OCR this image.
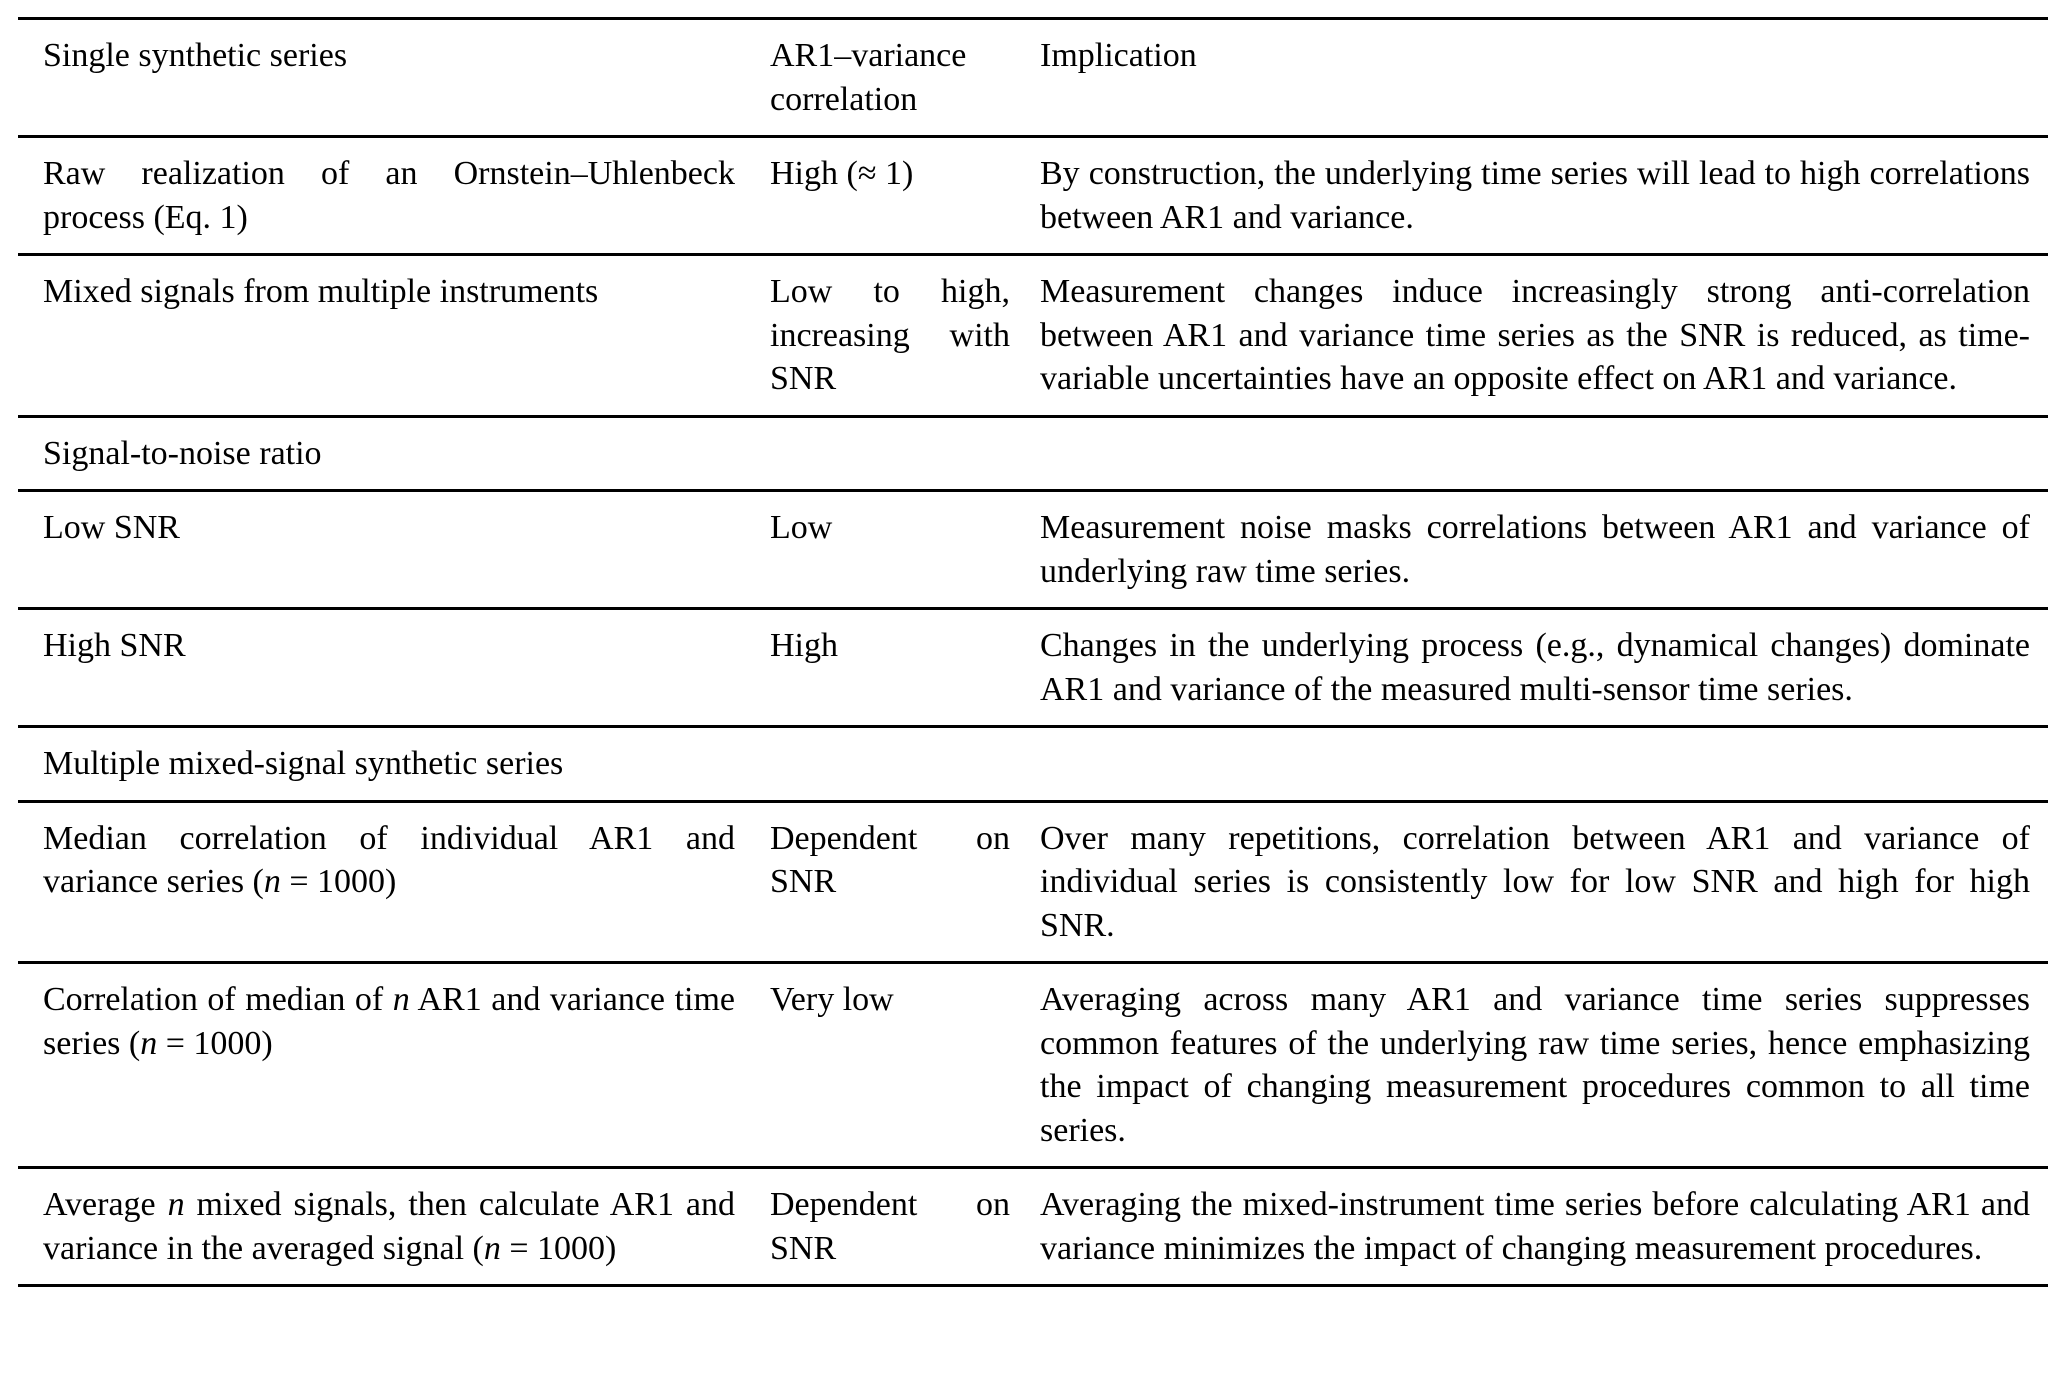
Single synthetic series	AR1–variance correlation	Implication
Raw realization of an Ornstein–Uhlenbeck process (Eq. 1)	High (≈ 1)	By construction, the underlying time series will lead to high correlations between AR1 and variance.
Mixed signals from multiple instruments	Low to high, increasing with SNR	Measurement changes induce increasingly strong anti-correlation between AR1 and variance time series as the SNR is reduced, as time-variable uncertainties have an opposite effect on AR1 and variance.
Signal-to-noise ratio		
Low SNR	Low	Measurement noise masks correlations between AR1 and variance of underlying raw time series.
High SNR	High	Changes in the underlying process (e.g., dynamical changes) dominate AR1 and variance of the measured multi-sensor time series.
Multiple mixed-signal synthetic series		
Median correlation of individual AR1 and variance series (n = 1000)	Dependent on SNR	Over many repetitions, correlation between AR1 and variance of individual series is consistently low for low SNR and high for high SNR.
Correlation of median of n AR1 and variance time series (n = 1000)	Very low	Averaging across many AR1 and variance time series suppresses common features of the underlying raw time series, hence emphasizing the impact of changing measurement procedures common to all time series.
Average n mixed signals, then calculate AR1 and variance in the averaged signal (n = 1000)	Dependent on SNR	Averaging the mixed-instrument time series before calculating AR1 and variance minimizes the impact of changing measurement procedures.
